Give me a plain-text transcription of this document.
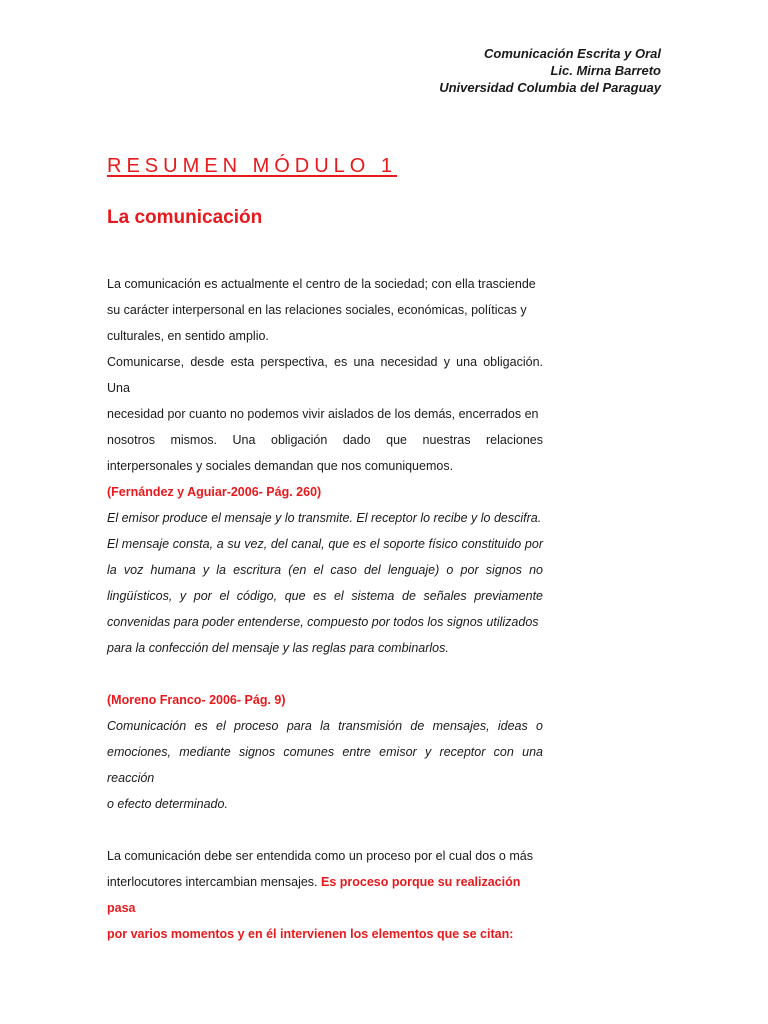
Comunicación Escrita y Oral
Lic. Mirna Barreto
Universidad Columbia del Paraguay
RESUMEN MÓDULO 1
La comunicación

La comunicación es actualmente el centro de la sociedad; con ella trasciende

su carácter interpersonal en las relaciones sociales, económicas, políticas y

culturales, en sentido amplio.

Comunicarse, desde esta perspectiva, es una necesidad y una obligación. Una

necesidad por cuanto no podemos vivir aislados de los demás, encerrados en

nosotros mismos. Una obligación dado que nuestras relaciones

interpersonales y sociales demandan que nos comuniquemos.

(Fernández y Aguiar-2006- Pág. 260)

El emisor produce el mensaje y lo transmite. El receptor lo recibe y lo descifra.

El mensaje consta, a su vez, del canal, que es el soporte físico constituido por

la voz humana y la escritura (en el caso del lenguaje) o por signos no

lingüísticos, y por el código, que es el sistema de señales previamente

convenidas para poder entenderse, compuesto por todos los signos utilizados

para la confección del mensaje y las reglas para combinarlos.

(Moreno Franco- 2006- Pág. 9)

Comunicación es el proceso para la transmisión de mensajes, ideas o

emociones, mediante signos comunes entre emisor y receptor con una reacción

o efecto determinado.

La comunicación debe ser entendida como un proceso por el cual dos o más

interlocutores intercambian mensajes. Es proceso porque su realización pasa

por varios momentos y en él intervienen los elementos que se citan:
